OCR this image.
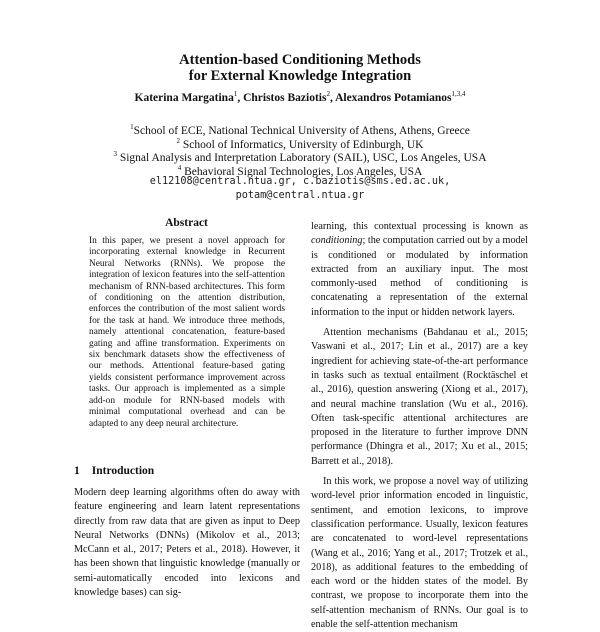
Attention-based Conditioning Methods
for External Knowledge Integration
Katerina Margatina$^1$, Christos Baziotis$^2$, Alexandros Potamianos$^{1,3,4}$
$^1$School of ECE, National Technical University of Athens, Athens, Greece
$^2$ School of Informatics, University of Edinburgh, UK
$^3$ Signal Analysis and Interpretation Laboratory (SAIL), USC, Los Angeles, USA
$^4$ Behavioral Signal Technologies, Los Angeles, USA
el12108@central.ntua.gr, c.baziotis@sms.ed.ac.uk,
potam@central.ntua.gr
Abstract

In this paper, we present a novel approach for incorporating external knowledge in Recurrent Neural Networks (RNNs). We propose the integration of lexicon features into the self-attention mechanism of RNN-based architectures. This form of conditioning on the attention distribution, enforces the contribution of the most salient words for the task at hand. We introduce three methods, namely attentional concatenation, feature-based gating and affine transformation. Experiments on six benchmark datasets show the effectiveness of our methods. Attentional feature-based gating yields consistent performance improvement across tasks. Our approach is implemented as a simple add-on module for RNN-based models with minimal computational overhead and can be adapted to any deep neural architecture.

1 Introduction

Modern deep learning algorithms often do away with feature engineering and learn latent representations directly from raw data that are given as input to Deep Neural Networks (DNNs) (Mikolov et al., 2013; McCann et al., 2017; Peters et al., 2018). However, it has been shown that linguistic knowledge (manually or semi-automatically encoded into lexicons and knowledge bases) can sig-

learning, this contextual processing is known as conditioning; the computation carried out by a model is conditioned or modulated by information extracted from an auxiliary input. The most commonly-used method of conditioning is concatenating a representation of the external information to the input or hidden network layers.

Attention mechanisms (Bahdanau et al., 2015; Vaswani et al., 2017; Lin et al., 2017) are a key ingredient for achieving state-of-the-art performance in tasks such as textual entailment (Rocktäschel et al., 2016), question answering (Xiong et al., 2017), and neural machine translation (Wu et al., 2016). Often task-specific attentional architectures are proposed in the literature to further improve DNN performance (Dhingra et al., 2017; Xu et al., 2015; Barrett et al., 2018).

In this work, we propose a novel way of utilizing word-level prior information encoded in linguistic, sentiment, and emotion lexicons, to improve classification performance. Usually, lexicon features are concatenated to word-level representations (Wang et al., 2016; Yang et al., 2017; Trotzek et al., 2018), as additional features to the embedding of each word or the hidden states of the model. By contrast, we propose to incorporate them into the self-attention mechanism of RNNs. Our goal is to enable the self-attention mechanism
